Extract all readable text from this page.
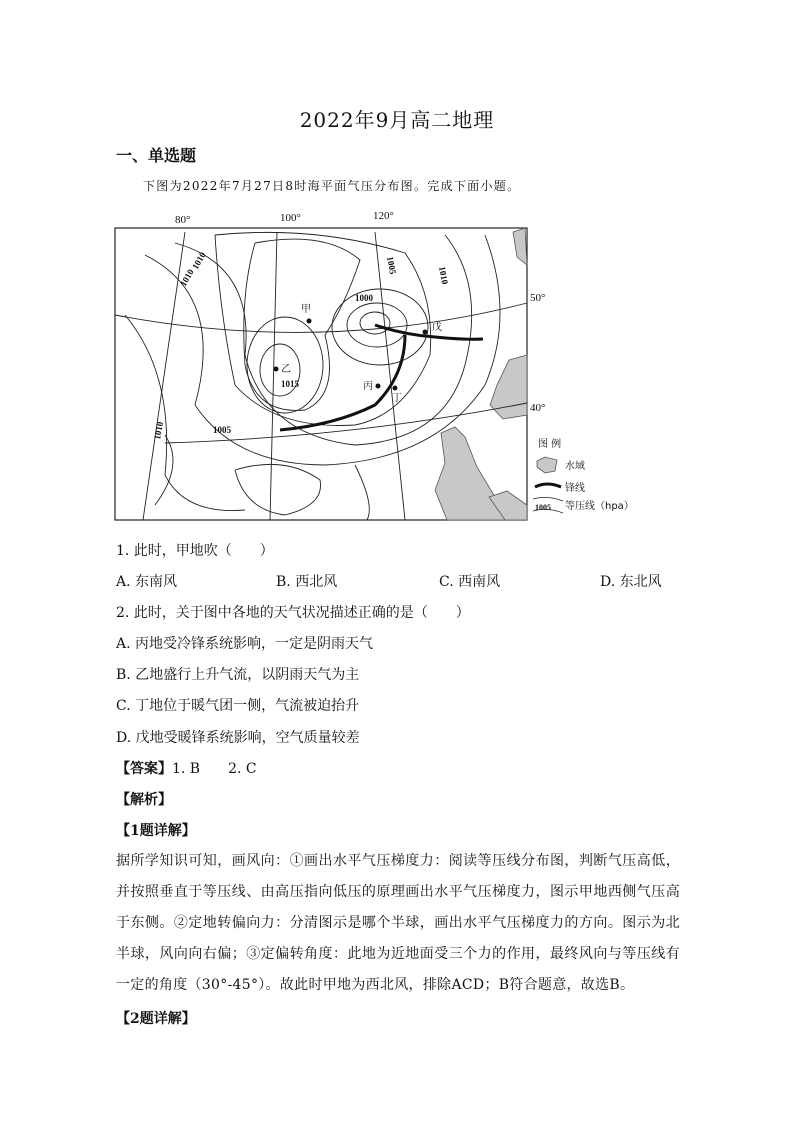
2022年9月高二地理
一、单选题
下图为2022年7月27日8时海平面气压分布图。完成下面小题。
80°	100°	120°
50°
40°
1010
1000
1015
1005
1005
1010
1010
1010
甲
乙
丙
丁
戊
图 例
水域
锋线
1005 等压线（hpa）
1. 此时，甲地吹（　　）
A. 东南风	B. 西北风	C. 西南风	D. 东北风
2. 此时，关于图中各地的天气状况描述正确的是（　　）
A. 丙地受冷锋系统影响，一定是阴雨天气
B. 乙地盛行上升气流，以阴雨天气为主
C. 丁地位于暖气团一侧，气流被迫抬升
D. 戊地受暖锋系统影响，空气质量较差
【答案】1. B　　2. C
【解析】
【1题详解】
据所学知识可知，画风向：①画出水平气压梯度力：阅读等压线分布图，判断气压高低，并按照垂直于等压线、由高压指向低压的原理画出水平气压梯度力，图示甲地西侧气压高于东侧。②定地转偏向力：分清图示是哪个半球，画出水平气压梯度力的方向。图示为北半球，风向向右偏；③定偏转角度：此地为近地面受三个力的作用，最终风向与等压线有一定的角度（30°-45°）。故此时甲地为西北风，排除ACD；B符合题意，故选B。
【2题详解】
